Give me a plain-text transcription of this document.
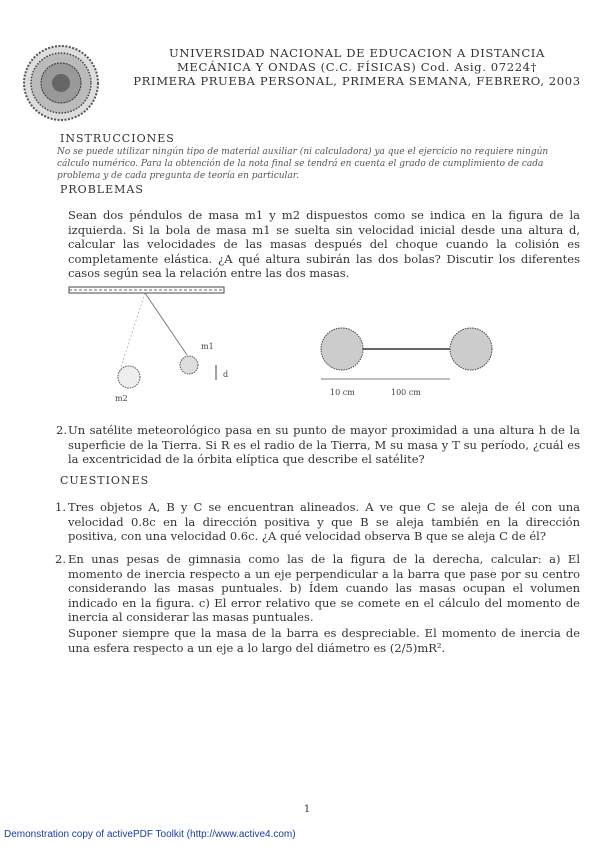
UNIVERSIDAD NACIONAL DE EDUCACION A DISTANCIA
MECÁNICA Y ONDAS (C.C. FÍSICAS) Cod. Asig. 07224†
PRIMERA PRUEBA PERSONAL, PRIMERA SEMANA, FEBRERO, 2003
INSTRUCCIONES
No se puede utilizar ningún tipo de material auxiliar (ni calculadora) ya que el ejercicio no requiere ningún cálculo numérico. Para la obtención de la nota final se tendrá en cuenta el grado de cumplimiento de cada problema y de cada pregunta de teoría en particular.
PROBLEMAS
Sean dos péndulos de masa m1 y m2 dispuestos como se indica en la figura de la izquierda. Si la bola de masa m1 se suelta sin velocidad inicial desde una altura d, calcular las velocidades de las masas después del choque cuando la colisión es completamente elástica. ¿A qué altura subirán las dos bolas? Discutir los diferentes casos según sea la relación entre las dos masas.
m1
d
m2
10 cm	100 cm
2. Un satélite meteorológico pasa en su punto de mayor proximidad a una altura h de la superficie de la Tierra. Si R es el radio de la Tierra, M su masa y T su período, ¿cuál es la excentricidad de la órbita elíptica que describe el satélite?
CUESTIONES
1. Tres objetos A, B y C se encuentran alineados. A ve que C se aleja de él con una velocidad 0.8c en la dirección positiva y que B se aleja también en la dirección positiva, con una velocidad 0.6c. ¿A qué velocidad observa B que se aleja C de él?
2. En unas pesas de gimnasia como las de la figura de la derecha, calcular: a) El momento de inercia respecto a un eje perpendicular a la barra que pase por su centro considerando las masas puntuales. b) Ídem cuando las masas ocupan el volumen indicado en la figura. c) El error relativo que se comete en el cálculo del momento de inercia al considerar las masas puntuales.
Suponer siempre que la masa de la barra es despreciable. El momento de inercia de una esfera respecto a un eje a lo largo del diámetro es (2/5)mR².
1
Demonstration copy of activePDF Toolkit (http://www.active4.com)
